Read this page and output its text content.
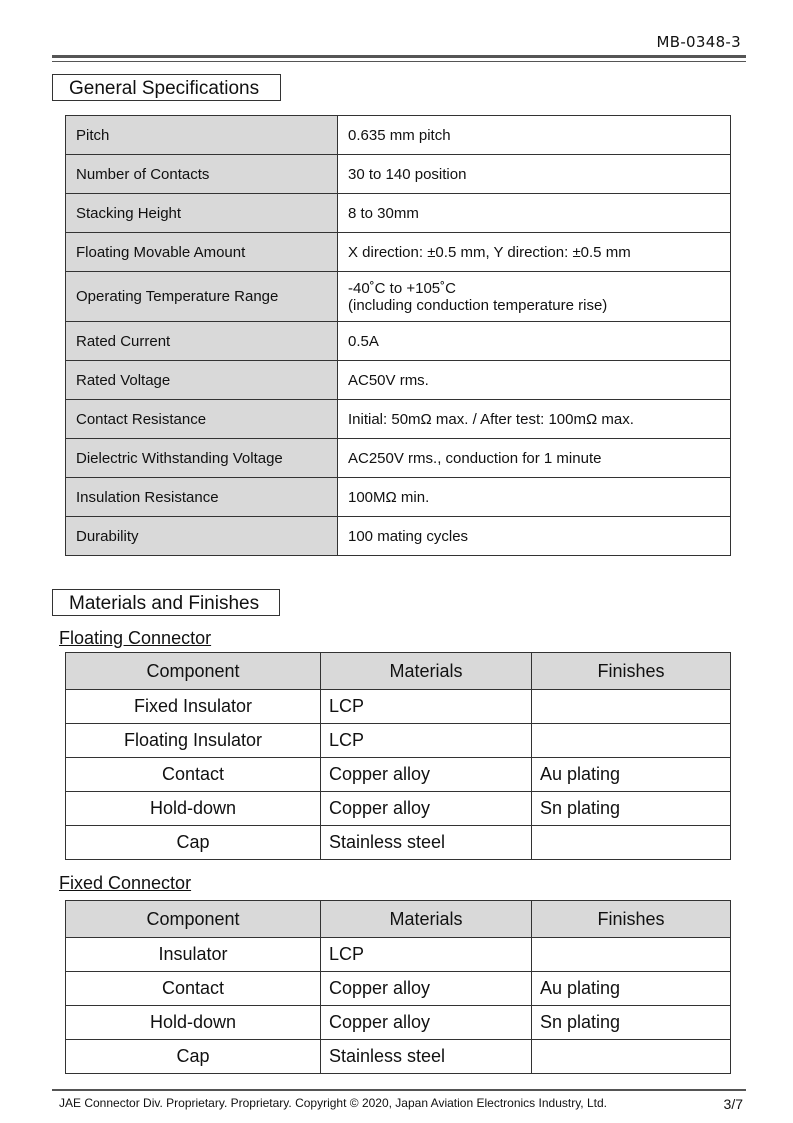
MB-0348-3
General Specifications
Pitch	0.635 mm pitch
Number of Contacts	30 to 140 position
Stacking Height	8 to 30mm
Floating Movable Amount	X direction: ±0.5 mm, Y direction: ±0.5 mm
Operating Temperature Range	-40˚C to +105˚C
(including conduction temperature rise)

Rated Current	0.5A
Rated Voltage	AC50V rms.
Contact Resistance	Initial: 50mΩ max. / After test: 100mΩ max.
Dielectric Withstanding Voltage	AC250V rms., conduction for 1 minute
Insulation Resistance	100MΩ min.
Durability	100 mating cycles
Materials and Finishes
Floating Connector
Component	Materials	Finishes
Fixed Insulator	LCP	
Floating Insulator	LCP	
Contact	Copper alloy	Au plating
Hold-down	Copper alloy	Sn plating
Cap	Stainless steel	
Fixed Connector
Component	Materials	Finishes
Insulator	LCP	
Contact	Copper alloy	Au plating
Hold-down	Copper alloy	Sn plating
Cap	Stainless steel	
JAE Connector Div. Proprietary. Proprietary. Copyright © 2020, Japan Aviation Electronics Industry, Ltd.	3/7
